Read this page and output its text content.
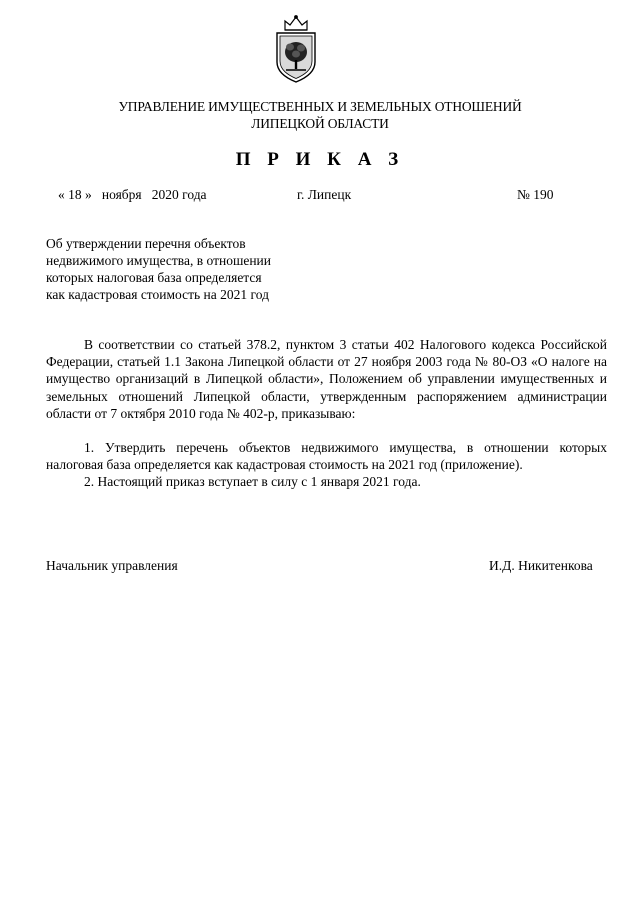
УПРАВЛЕНИЕ ИМУЩЕСТВЕННЫХ И ЗЕМЕЛЬНЫХ ОТНОШЕНИЙ
ЛИПЕЦКОЙ ОБЛАСТИ
П Р И К А З
« 18 »   ноября   2020 года	г. Липецк	№ 190
Об утверждении перечня объектов
недвижимого имущества, в отношении
которых налоговая база определяется
как кадастровая стоимость на 2021 год

В соответствии со статьей 378.2, пунктом 3 статьи 402 Налогового кодекса Российской Федерации, статьей 1.1 Закона Липецкой области от 27 ноября 2003 года № 80-ОЗ «О налоге на имущество организаций в Липецкой области», Положением об управлении имущественных и земельных отношений Липецкой области, утвержденным распоряжением администрации области от 7 октября 2010 года № 402-р, приказываю:

1. Утвердить перечень объектов недвижимого имущества, в отношении которых налоговая база определяется как кадастровая стоимость на 2021 год (приложение).

2. Настоящий приказ вступает в силу с 1 января 2021 года.

Начальник управления	И.Д. Никитенкова
